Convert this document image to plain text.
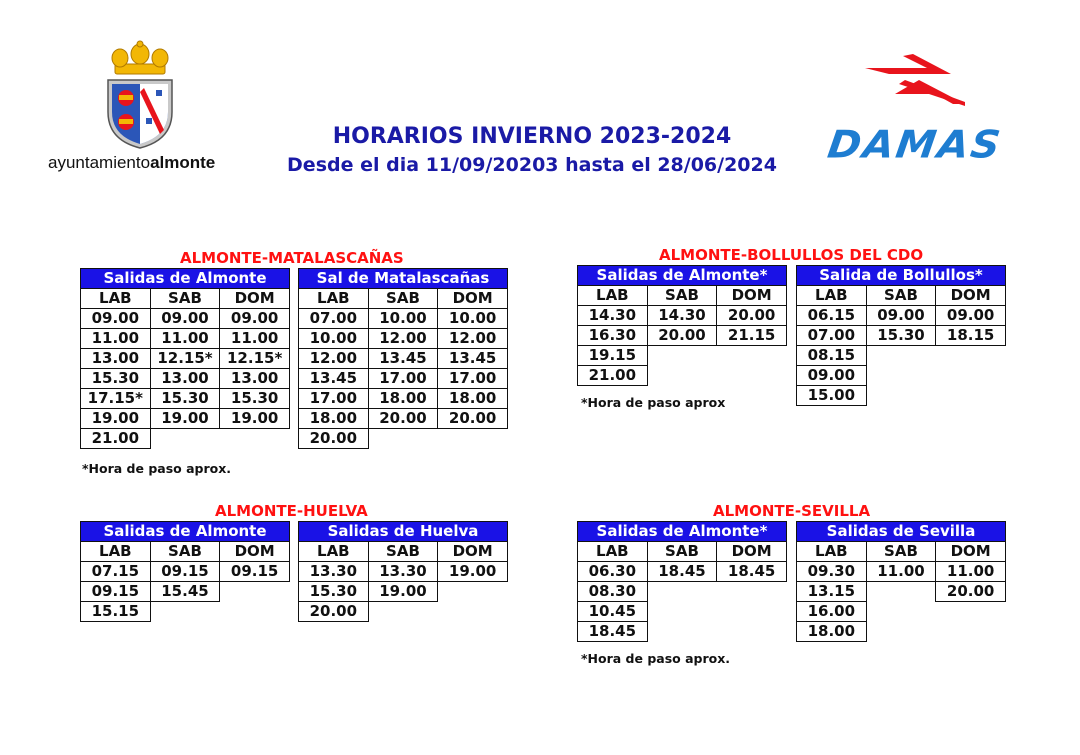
ayuntamientoalmonte	DAMAS
HORARIOS INVIERNO 2023-2024
Desde el dia 11/09/20203 hasta el 28/06/2024
ALMONTE-MATALASCAÑAS	ALMONTE-BOLLULLOS DEL CDO
ALMONTE-HUELVA	ALMONTE-SEVILLA
Salidas de Almonte		
LAB	SAB	DOM
09.00	09.00	09.00
11.00	11.00	11.00
13.00	12.15*	12.15*
15.30	13.00	13.00
17.15*	15.30	15.30
19.00	19.00	19.00
21.00		
Sal de Matalascañas		
LAB	SAB	DOM
07.00	10.00	10.00
10.00	12.00	12.00
12.00	13.45	13.45
13.45	17.00	17.00
17.00	18.00	18.00
18.00	20.00	20.00
20.00		
*Hora de paso aprox.
Salidas de Almonte*		
LAB	SAB	DOM
14.30	14.30	20.00
16.30	20.00	21.15
19.15		
21.00		
Salida de Bollullos*		
LAB	SAB	DOM
06.15	09.00	09.00
07.00	15.30	18.15
08.15		
09.00		
15.00		
*Hora de paso aprox
Salidas de Almonte		
LAB	SAB	DOM
07.15	09.15	09.15
09.15	15.45	
15.15		
Salidas de Huelva		
LAB	SAB	DOM
13.30	13.30	19.00
15.30	19.00	
20.00		
Salidas de Almonte*		
LAB	SAB	DOM
06.30	18.45	18.45
08.30		
10.45		
18.45		
Salidas de Sevilla		
LAB	SAB	DOM
09.30	11.00	11.00
13.15		20.00
16.00		
18.00		
*Hora de paso aprox.
